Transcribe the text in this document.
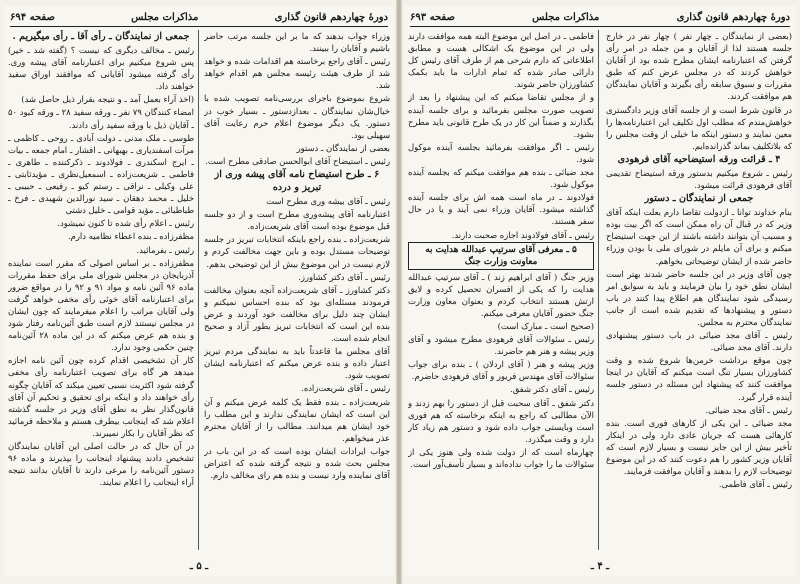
دورهٔ چهاردهم قانون گذاری
مذاکرات مجلس
صفحه ۶۹۴

وزراء جواب بدهند که ما بر این جلسه مرتب حاضر باشیم و آقایان را ببینند.

رئیس ـ آقای راجع برخاسته هم اقدامات شده و خواهد شد از طرف هیئت رئیسه مجلس هم اقدام خواهد شد.

شروع بموضوع باجرای بررسی‌نامه تصویب شده با خیال‌شان نمایندگان ـ بعدازدستور ـ بسیار خوب در دستور. یک دیگر موضوع اعلام حرم رعایت آقای سهیلی بود.

بعضی از نمایندگان ـ دستور

رئیس ـ استیضاح آقای ابوالحسن صادقی مطرح است.

۶ ـ طرح استیضاح نامه آقای پیشه وری از تبریز و درده

رئیس ـ آقای بیشه وری مطرح است

اعتبارنامه آقای پیشه‌وری مطرح است و از دو جلسه قبل موضوع بوده است آقای شریعت‌زاده.

شریعت‌زاده ـ بنده راجع باینکه انتخابات تبریز در جلسه توضیحات مستدل بوده و باین جهت مخالفت کردم و لازم نیست در این موضوع بیش از این توضیحی بدهم.

رئیس ـ آقای دکتر کشاورز.

دکتر کشاورز ـ آقای شریعت‌زاده آنچه بعنوان مخالفت فرمودند مسئله‌ای بود که بنده احساس نمیکنم و ایشان چند دلیل برای مخالفت خود آوردند و عرض بنده این است که انتخابات تبریز بطور آزاد و صحیح انجام شده است.

آقای مجلس ما قاعدتاً باید به نمایندگی مردم تبریز اعتبار داده و بنده عرض میکنم که اعتبارنامه ایشان تصویب شود.

رئیس ـ آقای شریعت‌زاده.

شریعت‌زاده ـ بنده فقط یک کلمه عرض میکنم و آن این است که ایشان نمایندگی ندارند و این مطلب را خود ایشان هم میدانند. مطالب را از آقایان محترم عذر میخواهم.

جواب ایرادات ایشان بوده است که در این باب در مجلس بحث شده و نتیجه گرفته شده که اعتراض آقای نماینده وارد نیست و بنده هم رای مخالف دارم.

جمعی از نمایندگان ـ رأی آقا ـ رأی میگیریم .

رئیس ـ مخالف دیگری که نیست ؟ (گفته شد ـ خیر) پس شروع میکنیم برای اعتبارنامه آقای پیشه وری. رأی گرفته میشود آقایانی که موافقند اوراق سفید خواهند داد.

(اخذ آراء بعمل آمد ـ و نتیجه بقرار ذیل حاصل شد)

امضاء کنندگان ۷۹ نفر ـ ورقه سفید ۲۸ ـ ورقه کبود ۵۰ ـ آقایان ذیل با ورقه سفید رأی دادند.

طوسی ـ ملک مدنی ـ دولت آبادی ـ روحی ـ کاظمی ـ مرآت اسفندیاری ـ بهبهانی ـ افشار ـ امام جمعه ـ بیات ـ ایرج اسکندری ـ فولادوند ـ ذکرکننده ـ طاهری ـ فاطمی ـ شریعت‌زاده ـ اسمعیل‌نظری ـ مؤیدثابتی ـ علی وکیلی ـ نراقی ـ رستم کیو ـ رفیعی ـ حبیبی ـ خلیل‌ ـ محمد دهقان ـ سید نورالدین شهیدی ـ فرخ ـ طباطبائی ـ مؤید قوامی ـ خلیل دشتی

رئیس ـ اعلام رأی شده تا کنون نمیشود.

مظفرزاده ـ بنده اعطاء نظامیه دارم.

رئیس ـ بفرمائید.

مظفرزاده ـ بر اساس اصولی که مقرر است نماینده آذربایجان در مجلس شورای ملی برای حفظ مقررات ماده ۹۶ آئین نامه و مواد ۹۱ و ۹۲ را در مواقع ضرور برای اعتبارنامه آقای خوئی رأی مخفی خواهد گرفت ولی آقایان مراتب را اعلام میفرمایند که چون ایشان در مجلس نیستند لازم است طبق آئین‌نامه رفتار شود و بنده هم عرض میکنم که در این ماده ۲۸ آئین‌نامه چنین حکمی وجود ندارد.

کار آن تشخیصی اقدام کرده چون آئین نامه اجازه میدهد هر گاه برای تصویب اعتبارنامه رأی مخفی گرفته شود اکثریت نسبی تعیین میکند که آقایان چگونه رأی خواهند داد و اینکه برای تحقیق و تحکیم آن آقای قانون‌گذار نظر به نطق آقای وزیر در جلسه گذشته اعلام شد که اینجانب بیطرف هستم و ملاحظه فرمائید که نظر آقایان را بکار نمیبرند.

در آن حال که در حالت اصلی این آقایان نمایندگان تشخیص دادند پیشنهاد اینجانب را بپذیرند و ماده ۹۶ دستور آئین‌نامه را مرعی دارند تا آقایان بدانند نتیجه آراء اینجانب را اعلام نمایند.

ـ ۵ ـ
دورهٔ چهاردهم قانون گذاری
مذاکرات مجلس
صفحه ۶۹۳

(بعضی از نمایندگان ـ چهار نفر ) چهار نفر در خارج جلسه هستند لذا از آقایان و من جمله در امر رأی گرفتن که اعتبارنامه ایشان مطرح شده بود از آقایان خواهش کردند که در مجلس عرض کنم که طبق مقررات و سبوق سابقه رأی بگیرند و آقایان نمایندگان هم موافقت کردند.

در قانون شرط است و از جلسه آقای وزیر دادگستری خواهش‌مندم که مطلب اول تکلیف این اعتبارنامه‌ها را معین نمایند و دستور اینکه ما خیلی از وقت مجلس را که بلاتکلیف بماند گذرانده‌ایم.

۴ ـ قرائت ورقه استیضاحیه آقای فرهودی

رئیس ـ شروع میکنیم بدستور ورقه استیضاح تقدیمی آقای فرهودی قرائت میشود.

جمعی از نمایندگان ـ دستور

بنام خداوند توانا ـ ازدولت تقاضا دارم بعلت اینکه آقای وزیر که در قبال آن راه ممکن است که اگر بیت بوده و مسبب آن بتوانند داشته باشند از این جهت استیضاح میکنم و برای آن مایلم در شورای ملی با بودن وزراء حاضر شده از ایشان توضیحاتی بخواهم.

چون آقای وزیر در این جلسه حاضر شدند بهتر است ایشان نطق خود را بیان فرمایند و باید به سوابق امر رسیدگی شود نمایندگان هم اطلاع پیدا کنند در باب دستور و پیشنهادها که تقدیم شده است از جانب نمایندگان محترم به مجلس.

رئیس ـ آقای مجد ضیائی در باب دستور پیشنهادی دارند. آقای مجد ضیائی.

چون موقع برداشت خرمن‌ها شروع شده و وقت کشاورزان بسیار تنگ است میکنم که آقایان در اینجا موافقت کنند که پیشنهاد این مسئله در دستور جلسه آینده قرار گیرد.

رئیس ـ آقای مجد ضیائی.

مجد ضیائی ـ این یکی از کارهای فوری است. بنده کارهائی هست که جریان عادی دارد ولی در اینکار تأخیر بیش از این جایز نیست و بسیار لازم است که آقایان وزیر کشور را هم دعوت کنند که در این موضوع توضیحات لازم را بدهند و آقایان موافقت فرمایند.

رئیس ـ آقای فاطمی.

فاطمی ـ در اصل این موضوع البته همه موافقت دارند ولی در این موضوع یک اشکالی هست و مطابق اطلاعاتی که دارم شرحی هم از طرف آقای رئیس کل دارائی صادر شده که تمام ادارات ما باید بکمک کشاورزان حاضر شوند.

و از مجلس تقاضا میکنم که این پیشنهاد را بعد از تصویب صورت مجلس بفرمائید و برای جلسه آینده بگذارند و ضمناً این کار در یک طرح قانونی باید مطرح بشود.

رئیس ـ اگر موافقت بفرمائید بجلسه آینده موکول شود.

مجد ضیائی ـ بنده هم موافقت میکنم که بجلسه آینده موکول شود.

فولادوند ـ در ماه است همه اش برای جلسه آینده گذاشته میشود. آقایان وزراء نمی آیند و یا در حال سفر هستند.

رئیس ـ آقای فولادوند اجازه صحبت دارند.

۵ ـ معرفی آقای سرتیپ عبدالله هدایت به معاونت وزارت جنگ

وزیر جنگ ( آقای ابراهیم زند ) ـ آقای سرتیپ عبدالله هدایت را که یکی از افسران تحصیل کرده و لایق ارتش هستند انتخاب کردم و بعنوان معاون وزارت جنگ حضور آقایان معرفی میکنم.

(صحیح است ـ مبارک است)

رئیس ـ سئوالات آقای فرهودی مطرح میشود و آقای وزیر پیشه و هنر هم حاضرند.

وزیر پیشه و هنر ( آقای اردلان ) ـ بنده برای جواب سئوالات آقای مهندس فریور و آقای فرهودی حاضرم.

رئیس ـ آقای دکتر شفق.

دکتر شفق ـ آقای سحبت قبل از دستور را بهم زدند و الآن مطالبی که راجع به اینکه برخاسته که هم فوری است وبایستی جواب داده شود و دستور هم زیاد کار دارد و وقت میگذرد.

چهارماه است که از دولت شده ولی هنوز یکی از سئوالات ما را جواب نداده‌اند و بسیار تأسف‌آور است.

ـ ۴ ـ
